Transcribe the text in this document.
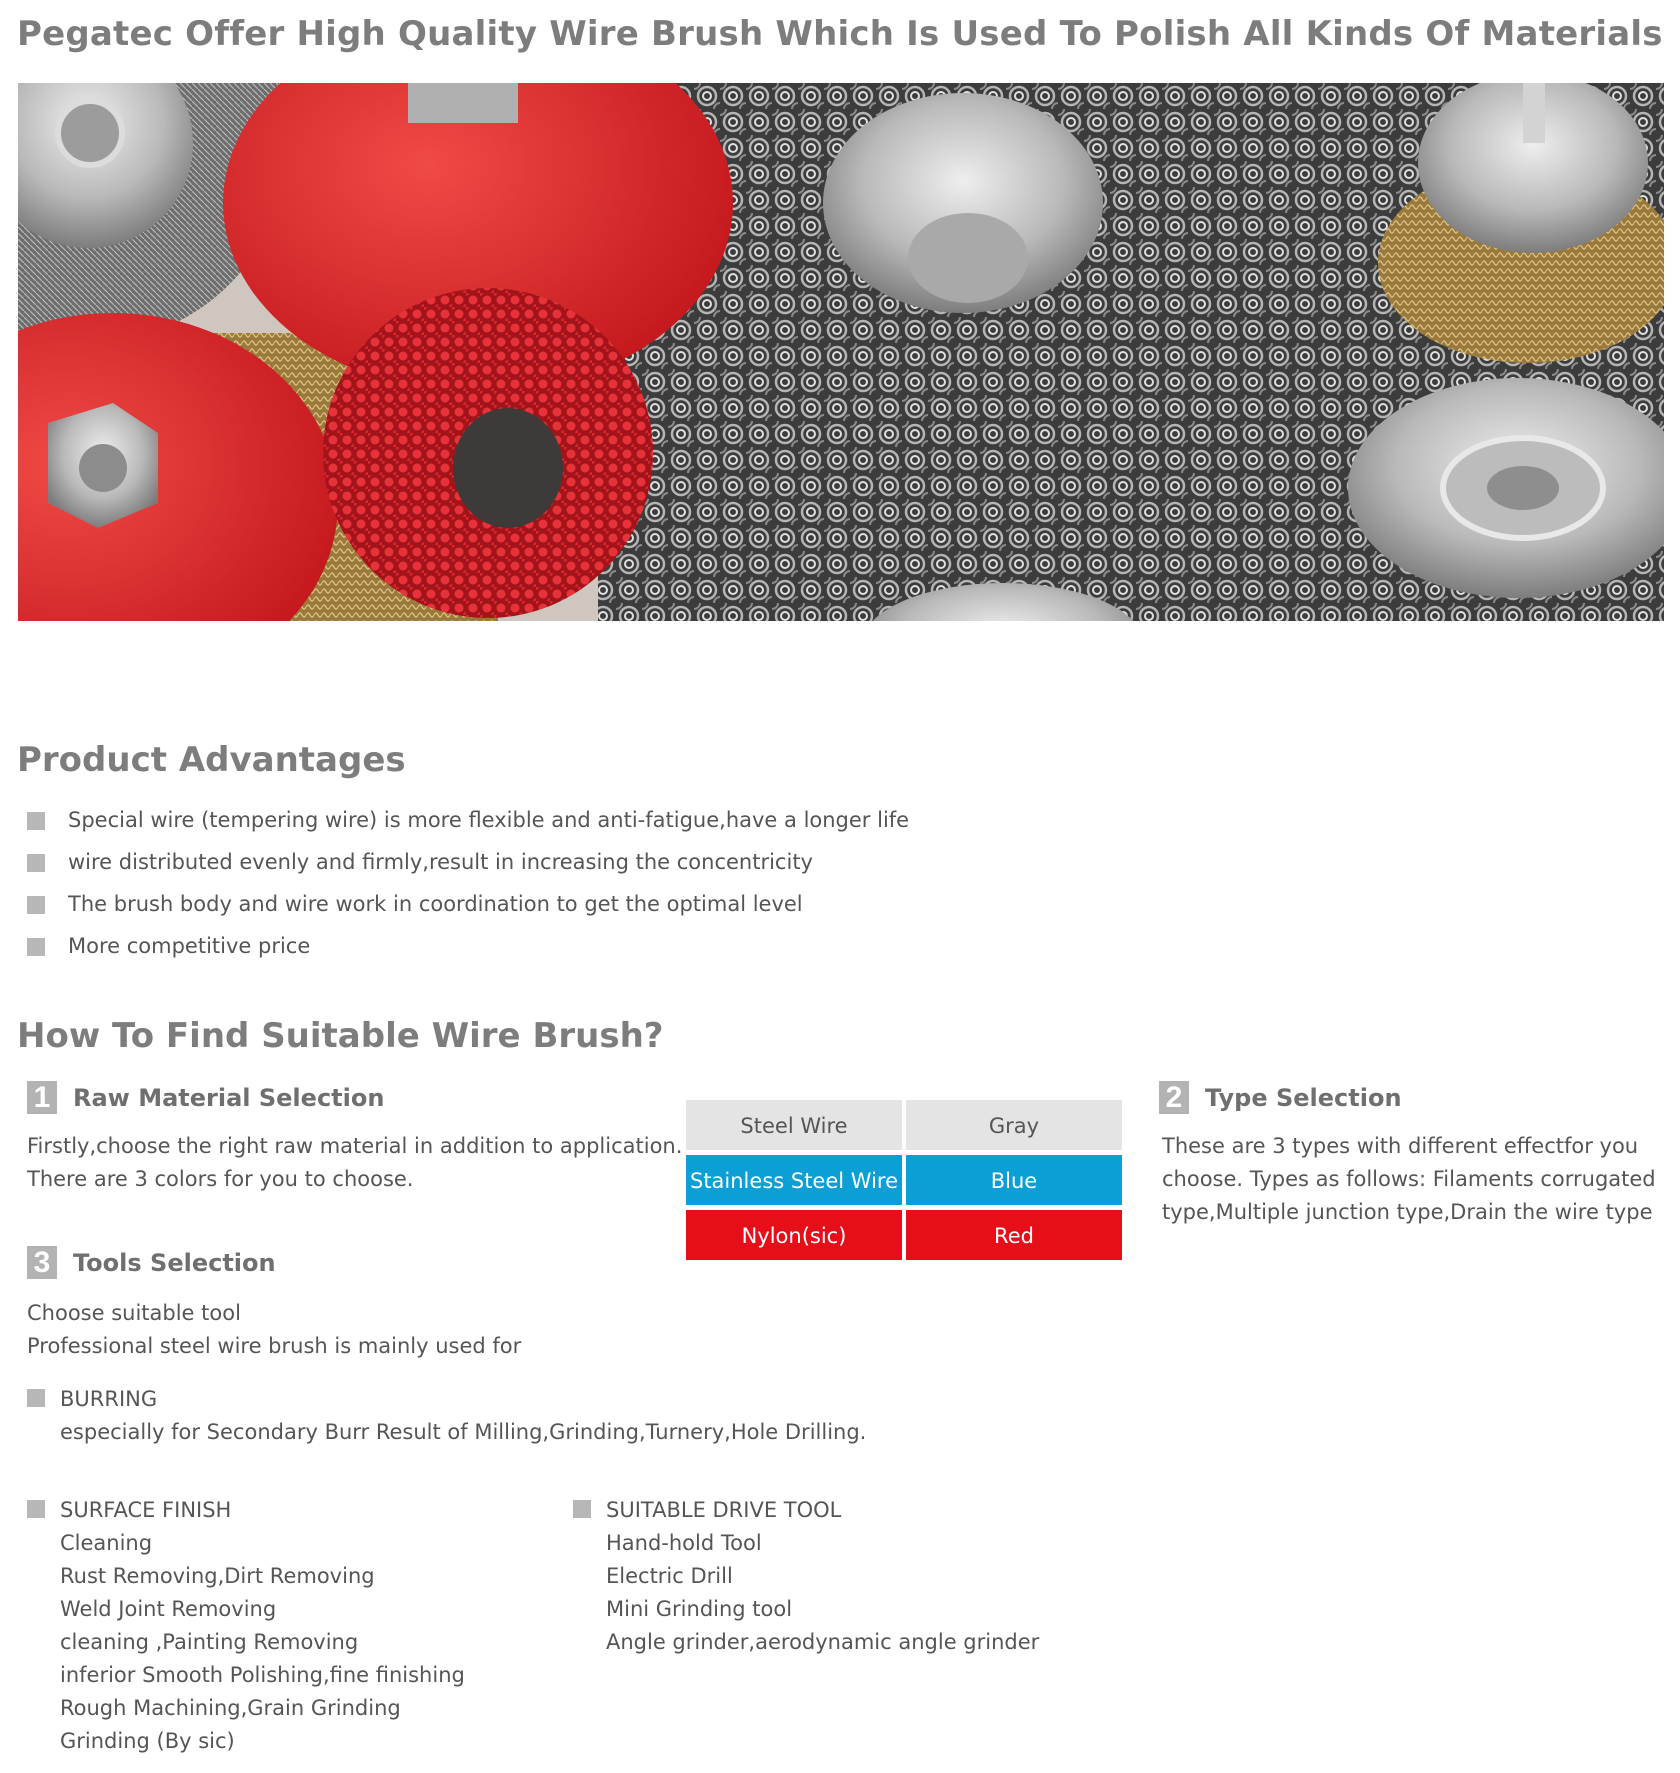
Pegatec Offer High Quality Wire Brush Which Is Used To Polish All Kinds Of Materials
Product Advantages
Special wire (tempering wire) is more flexible and anti-fatigue,have a longer life
wire distributed evenly and firmly,result in increasing the concentricity
The brush body and wire work in coordination to get the optimal level
More competitive price
How To Find Suitable Wire Brush?
1 Raw Material Selection
Firstly,choose the right raw material in addition to application.
There are 3 colors for you to choose.
Steel Wire	Gray
Stainless Steel Wire	Blue
Nylon(sic)	Red
2 Type Selection
These are 3 types with different effectfor you
choose. Types as follows: Filaments corrugated
type,Multiple junction type,Drain the wire type
3 Tools Selection
Choose suitable tool
Professional steel wire brush is mainly used for
BURRING
especially for Secondary Burr Result of Milling,Grinding,Turnery,Hole Drilling.
SURFACE FINISH
Cleaning
Rust Removing,Dirt Removing
Weld Joint Removing
cleaning ,Painting Removing
inferior Smooth Polishing,fine finishing
Rough Machining,Grain Grinding
Grinding (By sic)
SUITABLE DRIVE TOOL
Hand-hold Tool
Electric Drill
Mini Grinding tool
Angle grinder,aerodynamic angle grinder
